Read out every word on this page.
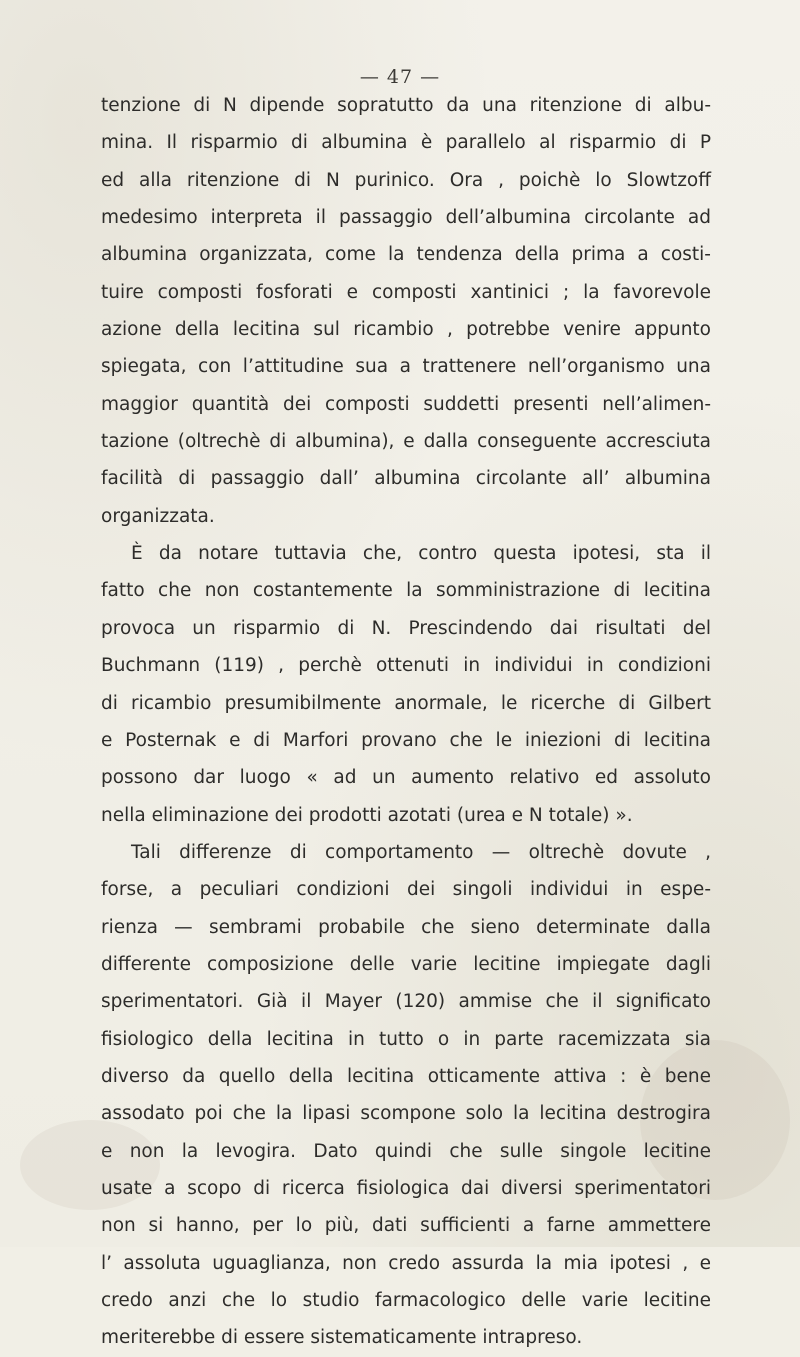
— 47 —
tenzione di N dipende sopratutto da una ritenzione di albu-
mina. Il risparmio di albumina è parallelo al risparmio di P
ed alla ritenzione di N purinico. Ora , poichè lo Slowtzoff
medesimo interpreta il passaggio dell’albumina circolante ad
albumina organizzata, come la tendenza della prima a costi-
tuire composti fosforati e composti xantinici ; la favorevole
azione della lecitina sul ricambio , potrebbe venire appunto
spiegata, con l’attitudine sua a trattenere nell’organismo una
maggior quantità dei composti suddetti presenti nell’alimen-
tazione (oltrechè di albumina), e dalla conseguente accresciuta
facilità di passaggio dall’ albumina circolante all’ albumina
organizzata.
È da notare tuttavia che, contro questa ipotesi, sta il
fatto che non costantemente la somministrazione di lecitina
provoca un risparmio di N. Prescindendo dai risultati del
Buchmann (119) , perchè ottenuti in individui in condizioni
di ricambio presumibilmente anormale, le ricerche di Gilbert
e Posternak e di Marfori provano che le iniezioni di lecitina
possono dar luogo « ad un aumento relativo ed assoluto
nella eliminazione dei prodotti azotati (urea e N totale) ».
Tali differenze di comportamento — oltrechè dovute ,
forse, a peculiari condizioni dei singoli individui in espe-
rienza — sembrami probabile che sieno determinate dalla
differente composizione delle varie lecitine impiegate dagli
sperimentatori. Già il Mayer (120) ammise che il significato
fisiologico della lecitina in tutto o in parte racemizzata sia
diverso da quello della lecitina otticamente attiva : è bene
assodato poi che la lipasi scompone solo la lecitina destrogira
e non la levogira. Dato quindi che sulle singole lecitine
usate a scopo di ricerca fisiologica dai diversi sperimentatori
non si hanno, per lo più, dati sufficienti a farne ammettere
l’ assoluta uguaglianza, non credo assurda la mia ipotesi , e
credo anzi che lo studio farmacologico delle varie lecitine
meriterebbe di essere sistematicamente intrapreso.
